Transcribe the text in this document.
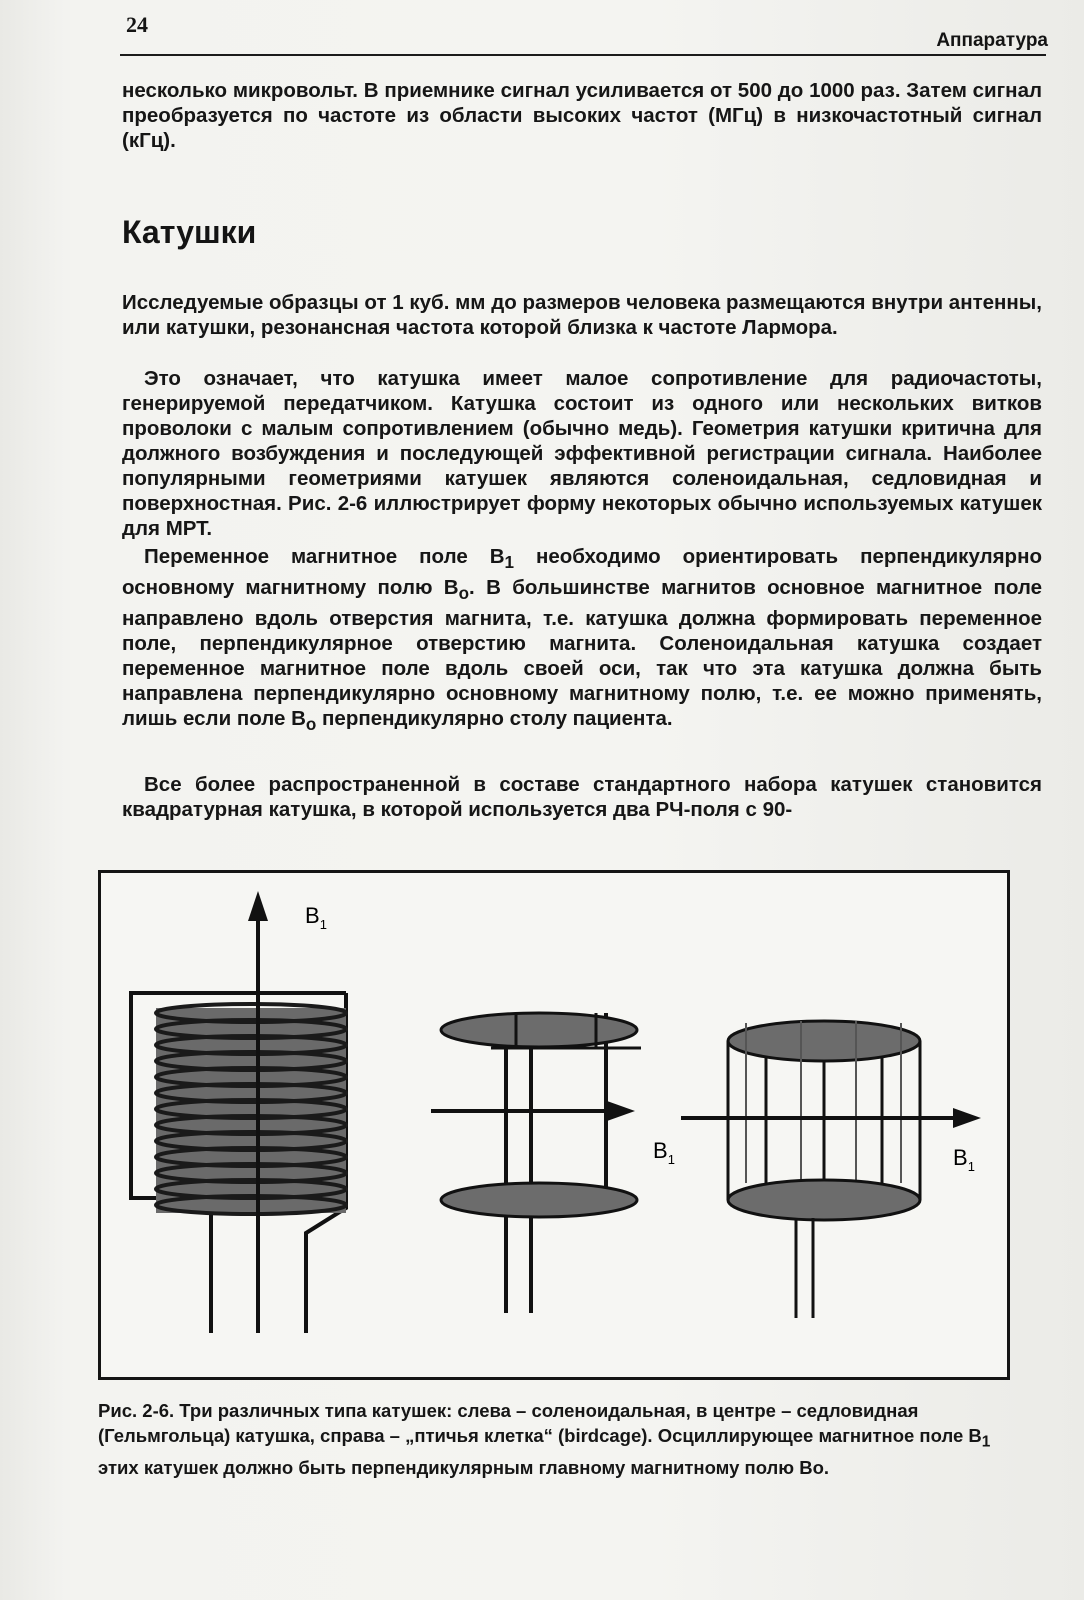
24
Аппаратура

несколько микровольт. В приемнике сигнал усиливается от 500 до 1000 раз. Затем сигнал преобразуется по частоте из области высоких частот (МГц) в низкочастотный сигнал (кГц).

Катушки

Исследуемые образцы от 1 куб. мм до размеров человека размещаются внутри антенны, или катушки, резонансная частота которой близка к частоте Лармора.

Это означает, что катушка имеет малое сопротивление для радиочастоты, генерируемой передатчиком. Катушка состоит из одного или нескольких витков проволоки с малым сопротивлением (обычно медь). Геометрия катушки критична для должного возбуждения и последующей эффективной регистрации сигнала. Наиболее популярными геометриями катушек являются соленоидальная, седловидная и поверхностная. Рис. 2-6 иллюстрирует форму некоторых обычно используемых катушек для МРТ.

Переменное магнитное поле $B_1$ необходимо ориентировать перпендикулярно основному магнитному полю $B_o$. В большинстве магнитов основное магнитное поле направлено вдоль отверстия магнита, т.е. катушка должна формировать переменное поле, перпендикулярное отверстию магнита. Соленоидальная катушка создает переменное магнитное поле вдоль своей оси, так что эта катушка должна быть направлена перпендикулярно основному магнитному полю, т.е. ее можно применять, лишь если поле $B_o$ перпендикулярно столу пациента.

Все более распространенной в составе стандартного набора катушек становится квадратурная катушка, в которой используется два РЧ-поля с 90-

$B_1$
$B_1$	$B_1$

Рис. 2-6. Три различных типа катушек: слева – соленоидальная, в центре – седловидная (Гельмгольца) катушка, справа – „птичья клетка“ (birdcage). Осциллирующее магнитное поле $B_1$ этих катушек должно быть перпендикулярным главному магнитному полю Bo.
